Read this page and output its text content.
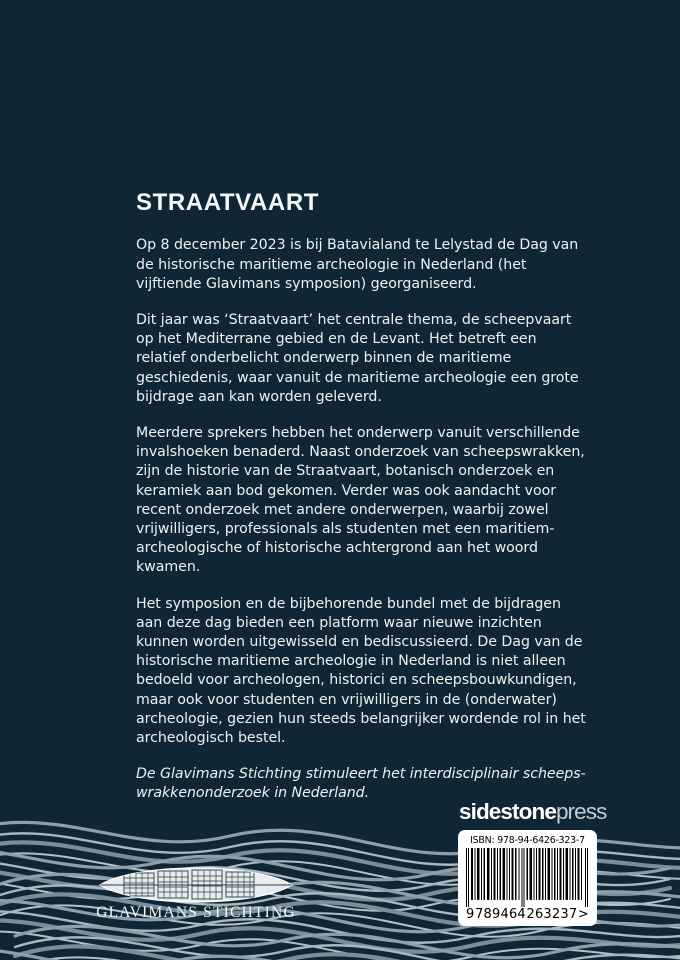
STRAATVAART

Op 8 december 2023 is bij Batavialand te Lelystad de Dag van de historische maritieme archeologie in Nederland (het vijftiende Glavimans symposion) georganiseerd.

Dit jaar was ‘Straatvaart’ het centrale thema, de scheepvaart op het Mediterrane gebied en de Levant. Het betreft een relatief onderbelicht onderwerp binnen de maritieme geschiedenis, waar vanuit de maritieme archeologie een grote bijdrage aan kan worden geleverd.

Meerdere sprekers hebben het onderwerp vanuit verschillende invalshoeken benaderd. Naast onderzoek van scheepswrakken, zijn de historie van de Straatvaart, botanisch onderzoek en keramiek aan bod gekomen. Verder was ook aandacht voor recent onderzoek met andere onderwerpen, waarbij zowel vrijwilligers, professionals als studenten met een maritiem-archeologische of historische achtergrond aan het woord kwamen.

Het symposion en de bijbehorende bundel met de bijdragen aan deze dag bieden een platform waar nieuwe inzichten kunnen worden uitgewisseld en bediscussieerd. De Dag van de historische maritieme archeologie in Nederland is niet alleen bedoeld voor archeologen, historici en scheepsbouwkundigen, maar ook voor studenten en vrijwilligers in de (onderwater) archeologie, gezien hun steeds belangrijker wordende rol in het archeologisch bestel.

De Glavimans Stichting stimuleert het interdisciplinair scheeps-wrakkenonderzoek in Nederland.

sidestonepress
ISBN: 978-94-6426-323-7
9 789464 263237 >
GLAVIMANS STICHTING
